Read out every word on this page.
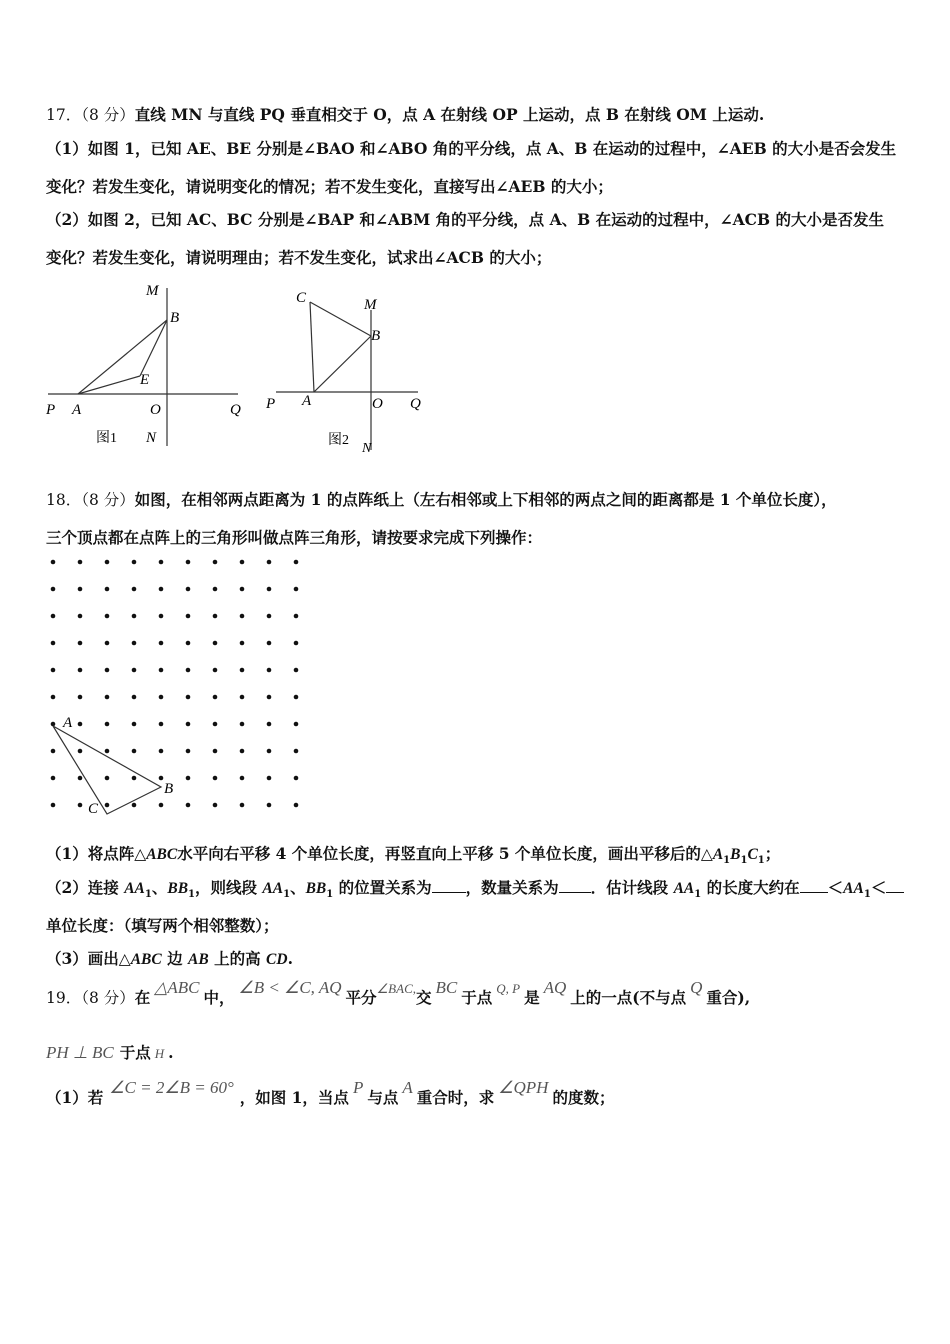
17．（8 分）直线 MN 与直线 PQ 垂直相交于 O，点 A 在射线 OP 上运动，点 B 在射线 OM 上运动.
（1）如图 1，已知 AE、BE 分别是∠BAO 和∠ABO 角的平分线，点 A、B 在运动的过程中，∠AEB 的大小是否会发生
变化？若发生变化，请说明变化的情况；若不发生变化，直接写出∠AEB 的大小；
（2）如图 2，已知 AC、BC 分别是∠BAP 和∠ABM 角的平分线，点 A、B 在运动的过程中，∠ACB 的大小是否发生
变化？若发生变化，请说明理由；若不发生变化，试求出∠ACB 的大小；
M
B
E
P A	O	Q
N
图1
C	M
B
P A	O Q
图2
N
18．（8 分）如图，在相邻两点距离为 1 的点阵纸上（左右相邻或上下相邻的两点之间的距离都是 1 个单位长度），
三个顶点都在点阵上的三角形叫做点阵三角形，请按要求完成下列操作：
A
B
C
（1）将点阵△ABC水平向右平移 4 个单位长度，再竖直向上平移 5 个单位长度，画出平移后的$\triangle A_1B_1C_1$；
（2）连接 $AA_1$、$BB_1$，则线段 $AA_1$、$BB_1$ 的位置关系为 ，数量关系为 ．估计线段 $AA_1$ 的长度大约在 $<AA_1<$
单位长度：（填写两个相邻整数）；
（3）画出△ABC 边 AB 上的高 CD.
19．（8 分）在△ABC中，∠B < ∠C, AQ平分$^{\angle BAC,}$交BC于点 $^{Q, P}$ 是AQ上的一点(不与点Q重合),
PH ⊥ BC 于点 H .
（1）若∠C = 2∠B = 60°，如图 1，当点P与点A重合时，求∠QPH的度数；
